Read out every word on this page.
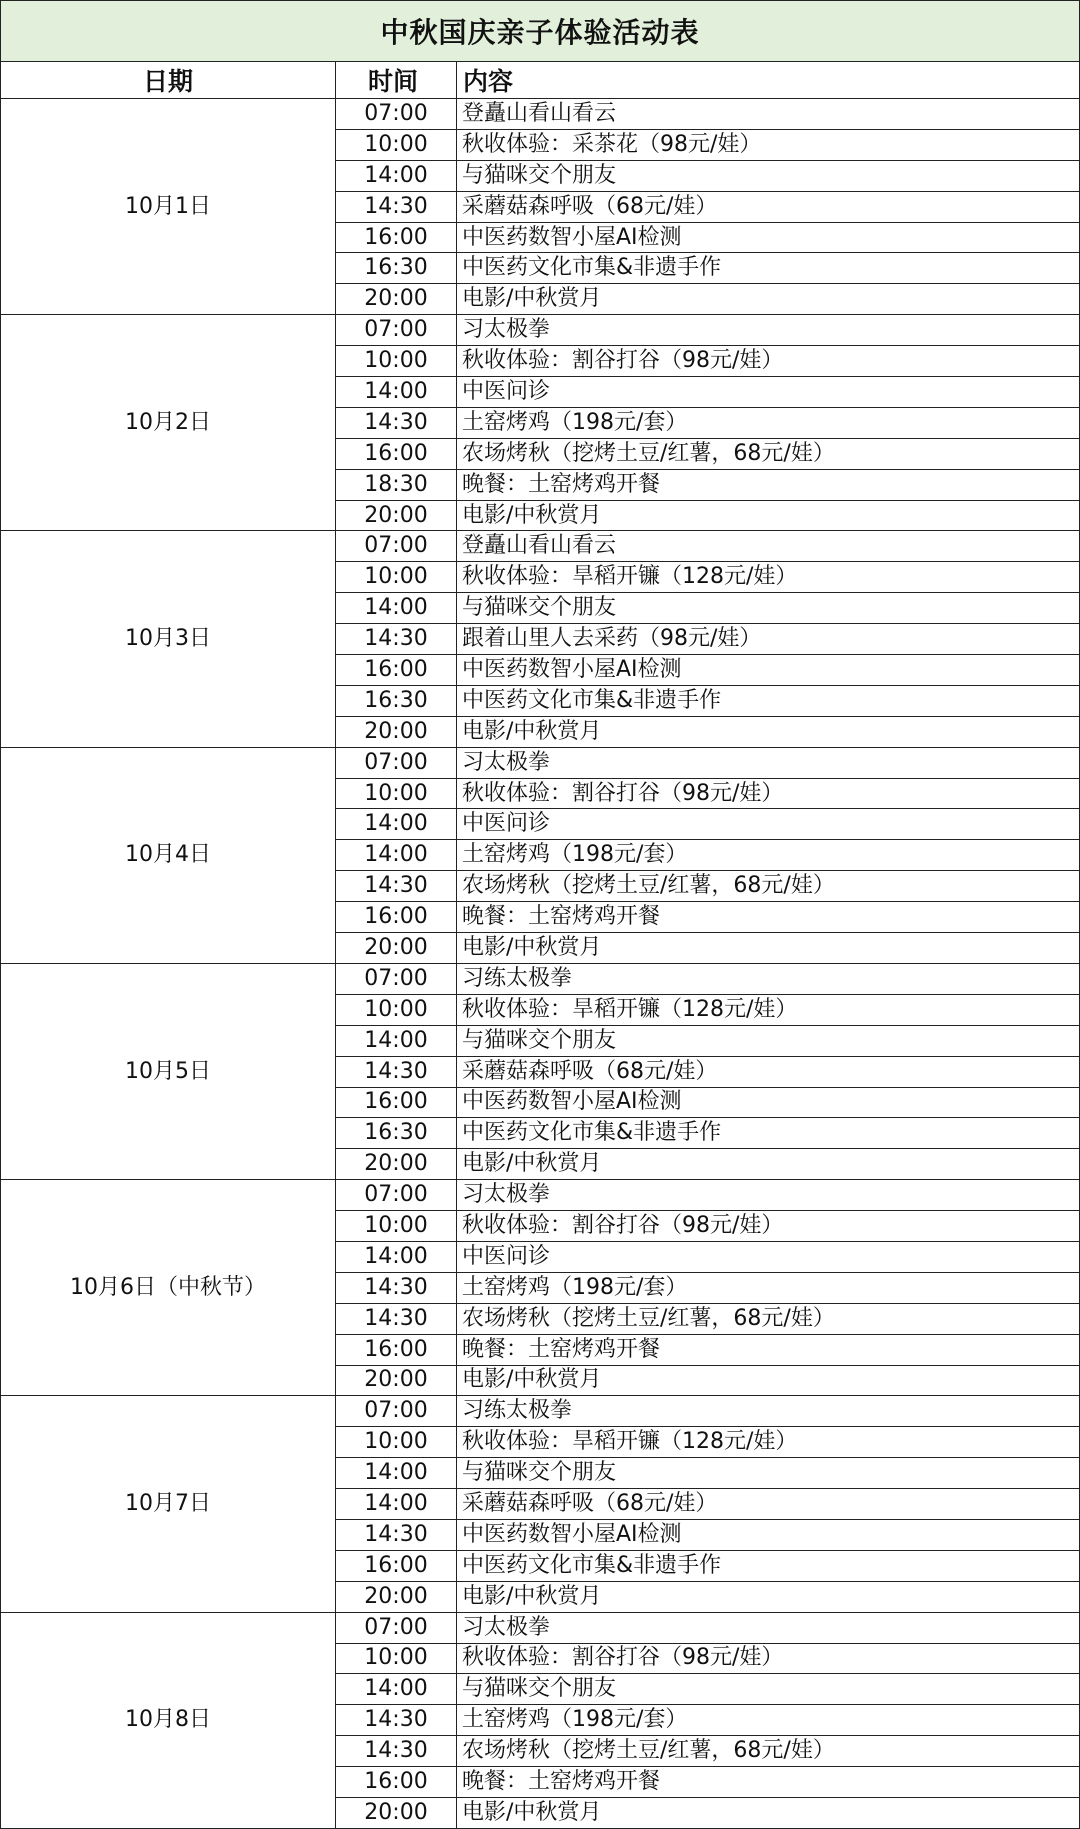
中秋国庆亲子体验活动表		
日期	时间	内容
10月1日	07:00	登矗山看山看云
	10:00	秋收体验：采茶花（98元/娃）
	14:00	与猫咪交个朋友
	14:30	采蘑菇森呼吸（68元/娃）
	16:00	中医药数智小屋AI检测
	16:30	中医药文化市集&非遗手作
	20:00	电影/中秋赏月
10月2日	07:00	习太极拳
	10:00	秋收体验：割谷打谷（98元/娃）
	14:00	中医问诊
	14:30	土窑烤鸡（198元/套）
	16:00	农场烤秋（挖烤土豆/红薯，68元/娃）
	18:30	晚餐：土窑烤鸡开餐
	20:00	电影/中秋赏月
10月3日	07:00	登矗山看山看云
	10:00	秋收体验：旱稻开镰（128元/娃）
	14:00	与猫咪交个朋友
	14:30	跟着山里人去采药（98元/娃）
	16:00	中医药数智小屋AI检测
	16:30	中医药文化市集&非遗手作
	20:00	电影/中秋赏月
10月4日	07:00	习太极拳
	10:00	秋收体验：割谷打谷（98元/娃）
	14:00	中医问诊
	14:00	土窑烤鸡（198元/套）
	14:30	农场烤秋（挖烤土豆/红薯，68元/娃）
	16:00	晚餐：土窑烤鸡开餐
	20:00	电影/中秋赏月
10月5日	07:00	习练太极拳
	10:00	秋收体验：旱稻开镰（128元/娃）
	14:00	与猫咪交个朋友
	14:30	采蘑菇森呼吸（68元/娃）
	16:00	中医药数智小屋AI检测
	16:30	中医药文化市集&非遗手作
	20:00	电影/中秋赏月
10月6日（中秋节）	07:00	习太极拳
	10:00	秋收体验：割谷打谷（98元/娃）
	14:00	中医问诊
	14:30	土窑烤鸡（198元/套）
	14:30	农场烤秋（挖烤土豆/红薯，68元/娃）
	16:00	晚餐：土窑烤鸡开餐
	20:00	电影/中秋赏月
10月7日	07:00	习练太极拳
	10:00	秋收体验：旱稻开镰（128元/娃）
	14:00	与猫咪交个朋友
	14:00	采蘑菇森呼吸（68元/娃）
	14:30	中医药数智小屋AI检测
	16:00	中医药文化市集&非遗手作
	20:00	电影/中秋赏月
10月8日	07:00	习太极拳
	10:00	秋收体验：割谷打谷（98元/娃）
	14:00	与猫咪交个朋友
	14:30	土窑烤鸡（198元/套）
	14:30	农场烤秋（挖烤土豆/红薯，68元/娃）
	16:00	晚餐：土窑烤鸡开餐
	20:00	电影/中秋赏月
